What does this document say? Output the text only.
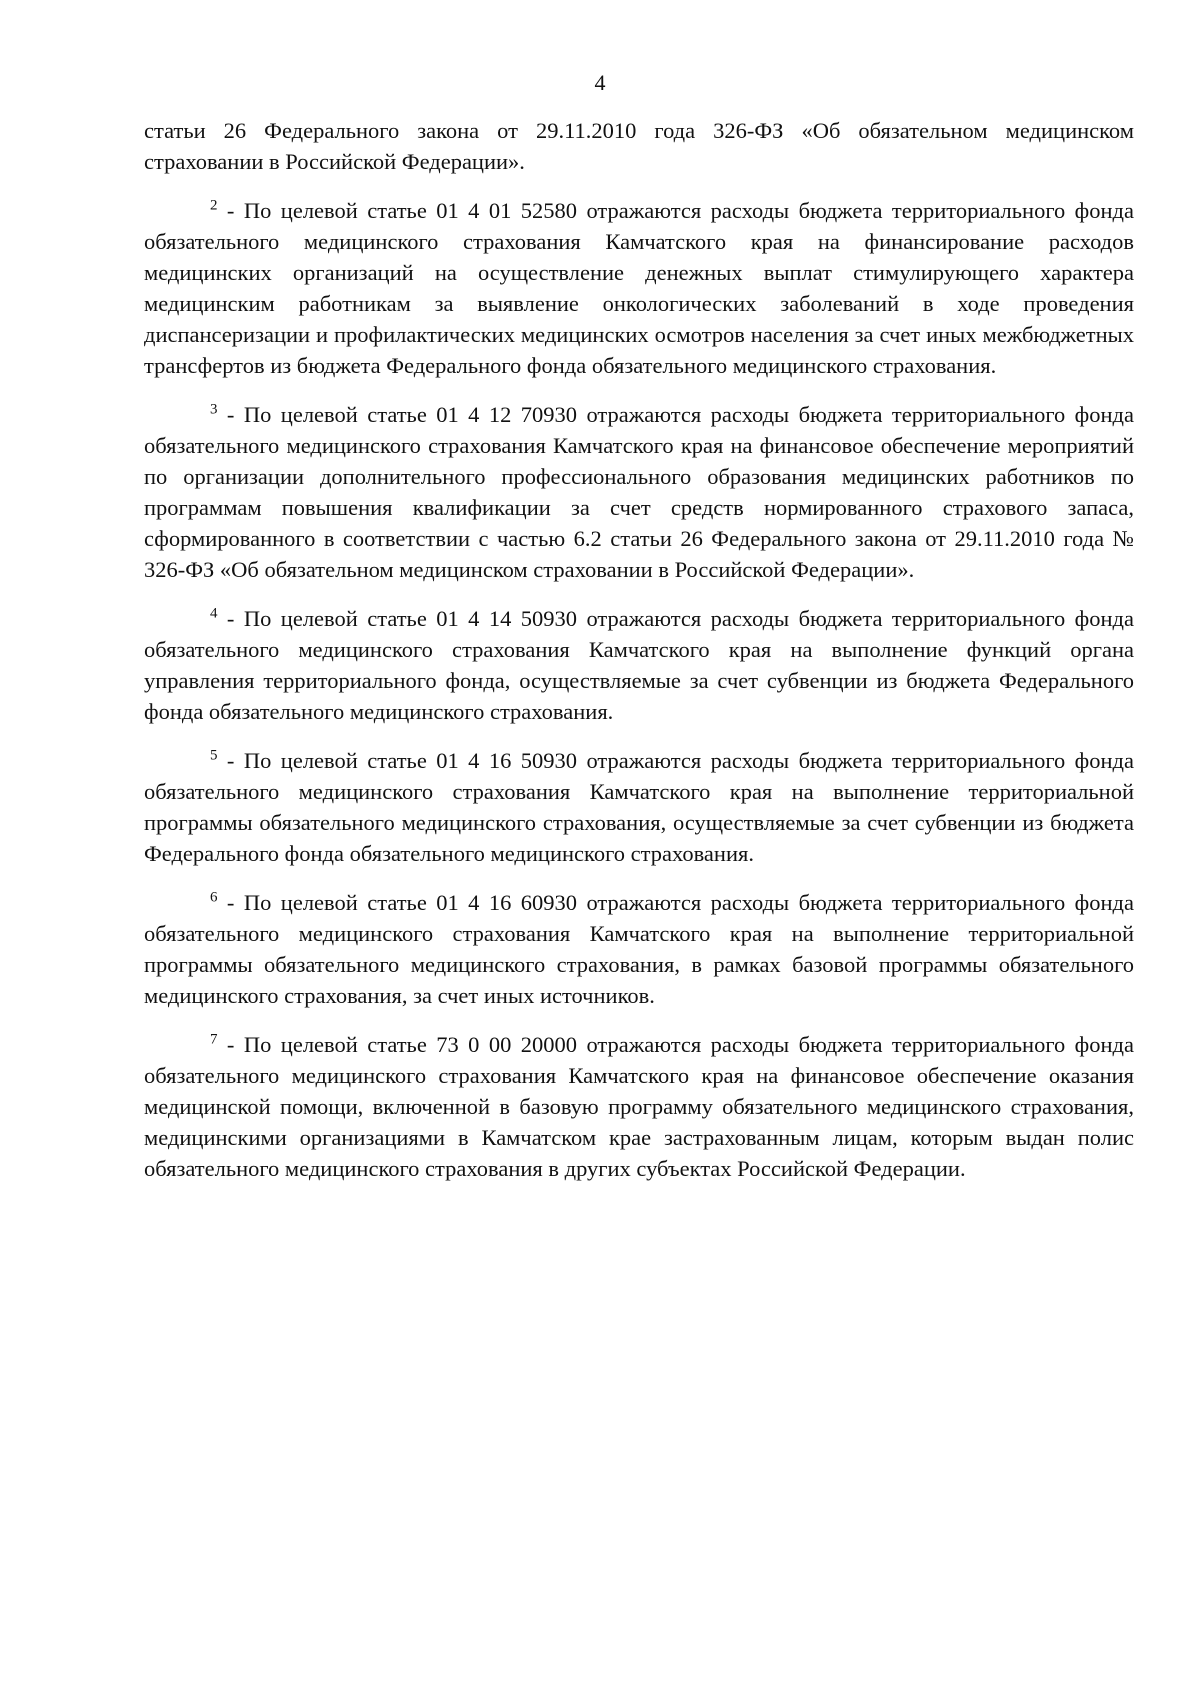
4

статьи 26 Федерального закона от 29.11.2010 года 326-ФЗ «Об обязательном медицинском страховании в Российской Федерации».

$^2$ - По целевой статье 01 4 01 52580 отражаются расходы бюджета территориального фонда обязательного медицинского страхования Камчатского края на финансирование расходов медицинских организаций на осуществление денежных выплат стимулирующего характера медицинским работникам за выявление онкологических заболеваний в ходе проведения диспансеризации и профилактических медицинских осмотров населения за счет иных межбюджетных трансфертов из бюджета Федерального фонда обязательного медицинского страхования.

$^3$ - По целевой статье 01 4 12 70930 отражаются расходы бюджета территориального фонда обязательного медицинского страхования Камчатского края на финансовое обеспечение мероприятий по организации дополнительного профессионального образования медицинских работников по программам повышения квалификации за счет средств нормированного страхового запаса, сформированного в соответствии с частью 6.2 статьи 26 Федерального закона от 29.11.2010 года № 326-ФЗ «Об обязательном медицинском страховании в Российской Федерации».

$^4$ - По целевой статье 01 4 14 50930 отражаются расходы бюджета территориального фонда обязательного медицинского страхования Камчатского края на выполнение функций органа управления территориального фонда, осуществляемые за счет субвенции из бюджета Федерального фонда обязательного медицинского страхования.

$^5$ - По целевой статье 01 4 16 50930 отражаются расходы бюджета территориального фонда обязательного медицинского страхования Камчатского края на выполнение территориальной программы обязательного медицинского страхования, осуществляемые за счет субвенции из бюджета Федерального фонда обязательного медицинского страхования.

$^6$ - По целевой статье 01 4 16 60930 отражаются расходы бюджета территориального фонда обязательного медицинского страхования Камчатского края на выполнение территориальной программы обязательного медицинского страхования, в рамках базовой программы обязательного медицинского страхования, за счет иных источников.

$^7$ - По целевой статье 73 0 00 20000 отражаются расходы бюджета территориального фонда обязательного медицинского страхования Камчатского края на финансовое обеспечение оказания медицинской помощи, включенной в базовую программу обязательного медицинского страхования, медицинскими организациями в Камчатском крае застрахованным лицам, которым выдан полис обязательного медицинского страхования в других субъектах Российской Федерации.
